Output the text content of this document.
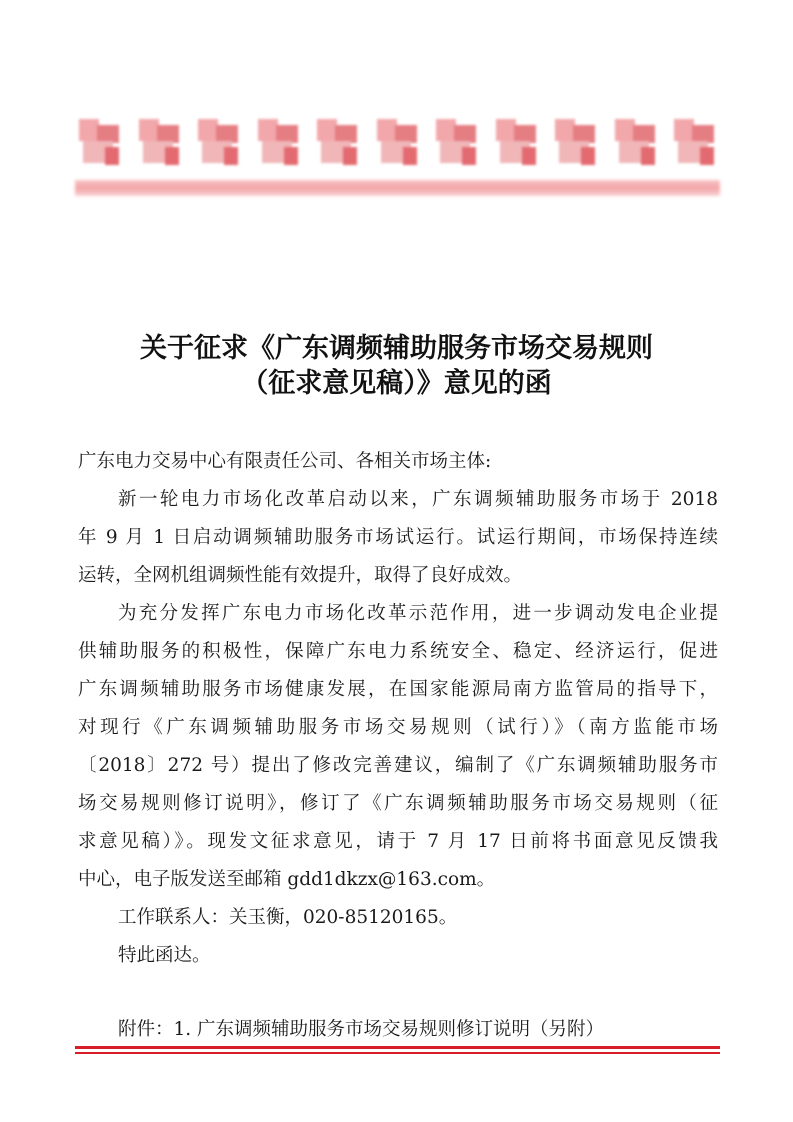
关于征求《广东调频辅助服务市场交易规则
（征求意见稿）》意见的函

广东电力交易中心有限责任公司、各相关市场主体:

新一轮电力市场化改革启动以来，广东调频辅助服务市场于 2018

年 9 月 1 日启动调频辅助服务市场试运行。试运行期间，市场保持连续

运转，全网机组调频性能有效提升，取得了良好成效。

为充分发挥广东电力市场化改革示范作用，进一步调动发电企业提

供辅助服务的积极性，保障广东电力系统安全、稳定、经济运行，促进

广东调频辅助服务市场健康发展，在国家能源局南方监管局的指导下，

对现行《广东调频辅助服务市场交易规则（试行）》（南方监能市场

〔2018〕272 号）提出了修改完善建议，编制了《广东调频辅助服务市

场交易规则修订说明》，修订了《广东调频辅助服务市场交易规则（征

求意见稿）》。现发文征求意见，请于 7 月 17 日前将书面意见反馈我

中心，电子版发送至邮箱 gdd1dkzx@163.com。

工作联系人：关玉衡，020-85120165。

特此函达。

附件：1. 广东调频辅助服务市场交易规则修订说明（另附）
